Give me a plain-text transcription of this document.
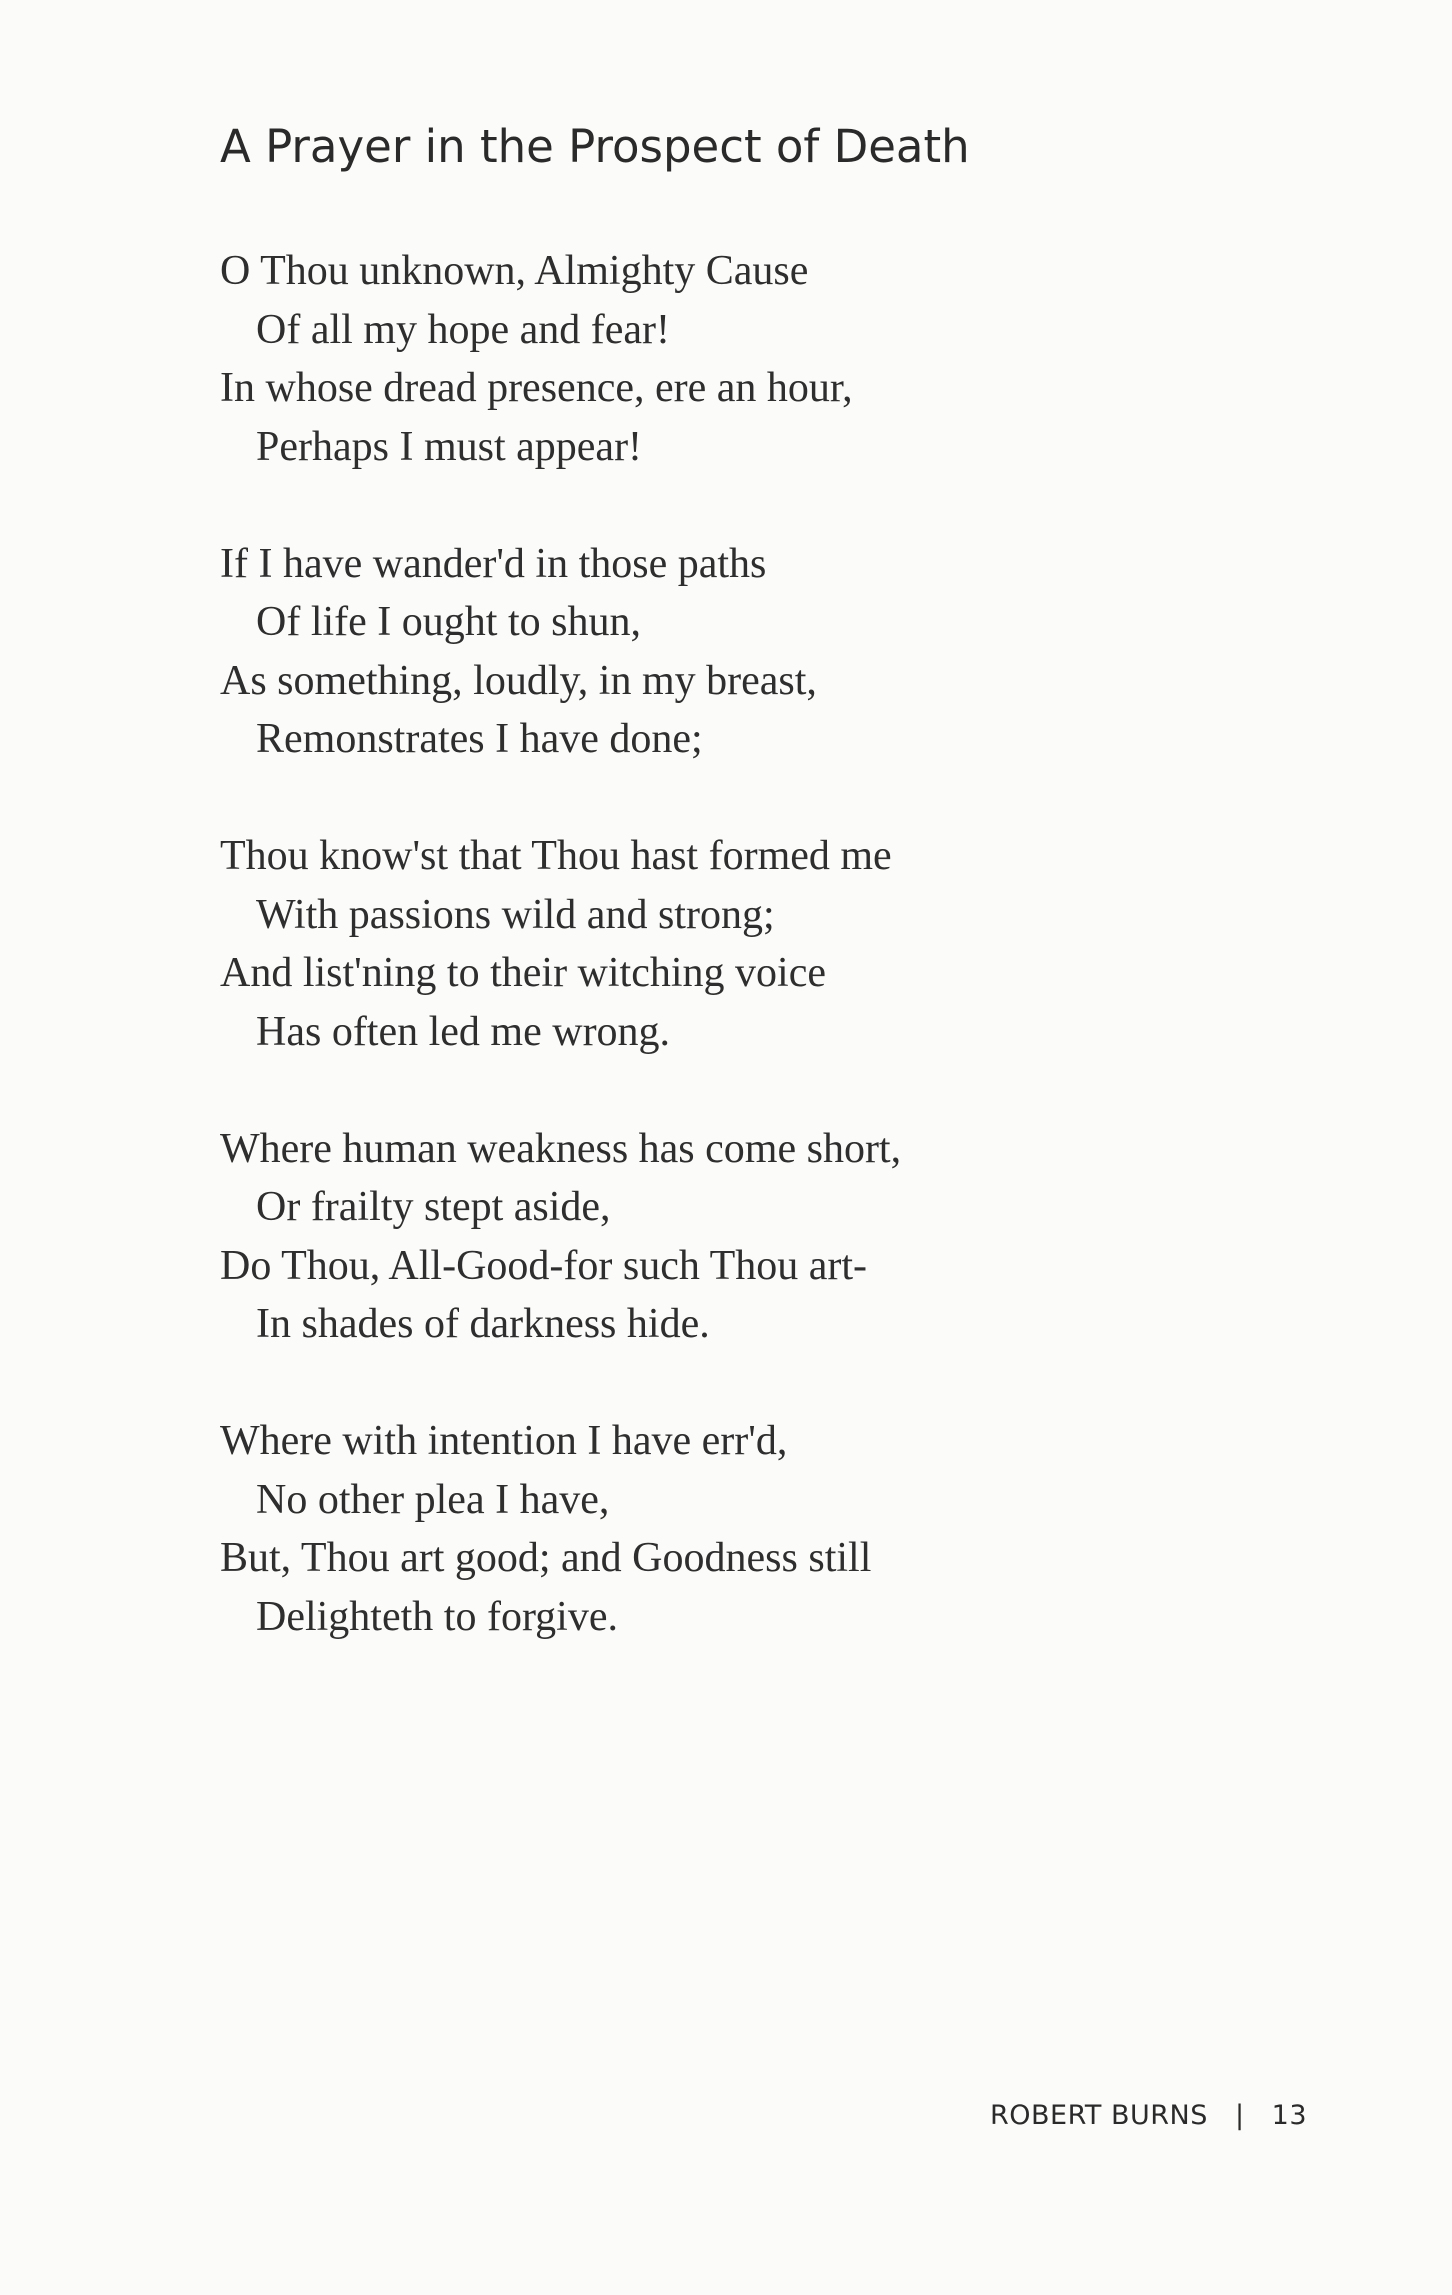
A Prayer in the Prospect of Death
O Thou unknown, Almighty Cause
Of all my hope and fear!
In whose dread presence, ere an hour,
Perhaps I must appear!
If I have wander'd in those paths
Of life I ought to shun,
As something, loudly, in my breast,
Remonstrates I have done;
Thou know'st that Thou hast formed me
With passions wild and strong;
And list'ning to their witching voice
Has often led me wrong.
Where human weakness has come short,
Or frailty stept aside,
Do Thou, All-Good-for such Thou art-
In shades of darkness hide.
Where with intention I have err'd,
No other plea I have,
But, Thou art good; and Goodness still
Delighteth to forgive.
ROBERT BURNS | 13
